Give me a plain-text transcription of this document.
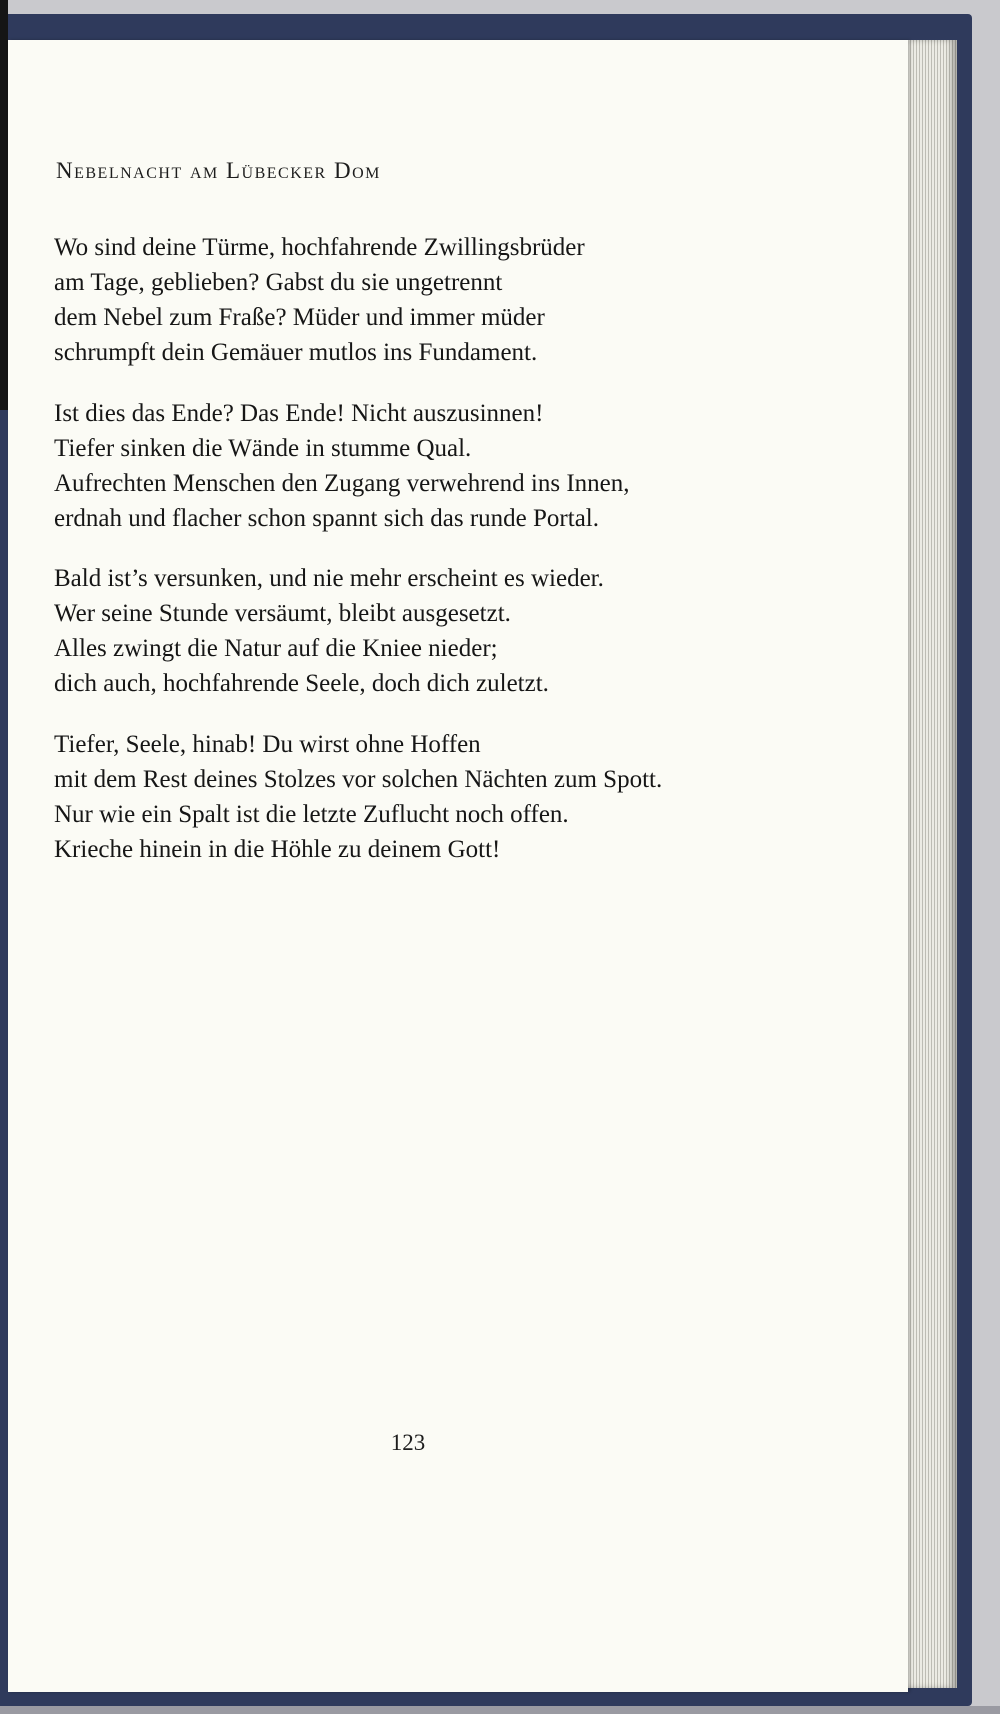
Nebelnacht am Lübecker Dom
Wo sind deine Türme, hochfahrende Zwillingsbrüder
am Tage, geblieben? Gabst du sie ungetrennt
dem Nebel zum Fraße? Müder und immer müder
schrumpft dein Gemäuer mutlos ins Fundament.
Ist dies das Ende? Das Ende! Nicht auszusinnen!
Tiefer sinken die Wände in stumme Qual.
Aufrechten Menschen den Zugang verwehrend ins Innen,
erdnah und flacher schon spannt sich das runde Portal.
Bald ist’s versunken, und nie mehr erscheint es wieder.
Wer seine Stunde versäumt, bleibt ausgesetzt.
Alles zwingt die Natur auf die Kniee nieder;
dich auch, hochfahrende Seele, doch dich zuletzt.
Tiefer, Seele, hinab! Du wirst ohne Hoffen
mit dem Rest deines Stolzes vor solchen Nächten zum Spott.
Nur wie ein Spalt ist die letzte Zuflucht noch offen.
Krieche hinein in die Höhle zu deinem Gott!
123
